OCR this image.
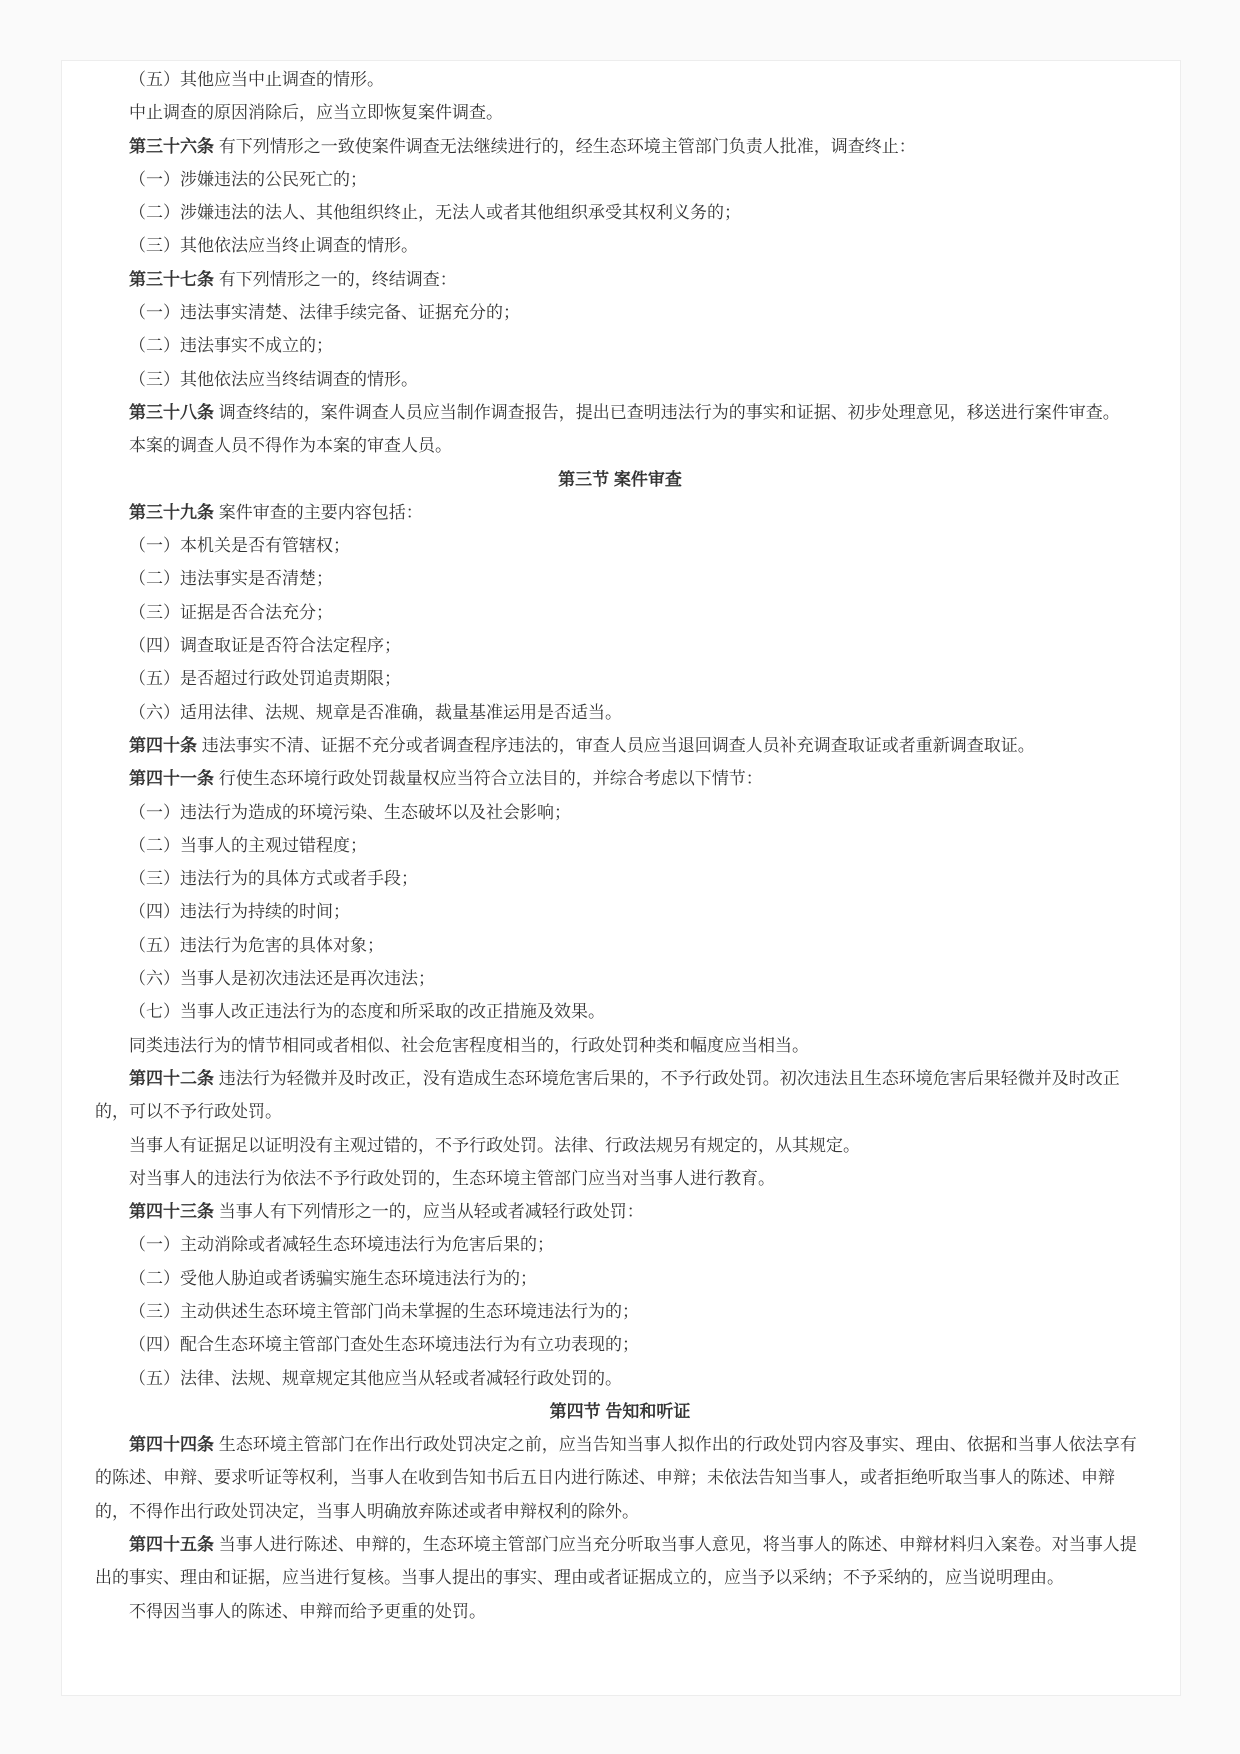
（五）其他应当中止调查的情形。

中止调查的原因消除后，应当立即恢复案件调查。

第三十六条 有下列情形之一致使案件调查无法继续进行的，经生态环境主管部门负责人批准，调查终止：

（一）涉嫌违法的公民死亡的；

（二）涉嫌违法的法人、其他组织终止，无法人或者其他组织承受其权利义务的；

（三）其他依法应当终止调查的情形。

第三十七条 有下列情形之一的，终结调查：

（一）违法事实清楚、法律手续完备、证据充分的；

（二）违法事实不成立的；

（三）其他依法应当终结调查的情形。

第三十八条 调查终结的，案件调查人员应当制作调查报告，提出已查明违法行为的事实和证据、初步处理意见，移送进行案件审查。

本案的调查人员不得作为本案的审查人员。

第三节 案件审查

第三十九条 案件审查的主要内容包括：

（一）本机关是否有管辖权；

（二）违法事实是否清楚；

（三）证据是否合法充分；

（四）调查取证是否符合法定程序；

（五）是否超过行政处罚追责期限；

（六）适用法律、法规、规章是否准确，裁量基准运用是否适当。

第四十条 违法事实不清、证据不充分或者调查程序违法的，审查人员应当退回调查人员补充调查取证或者重新调查取证。

第四十一条 行使生态环境行政处罚裁量权应当符合立法目的，并综合考虑以下情节：

（一）违法行为造成的环境污染、生态破坏以及社会影响；

（二）当事人的主观过错程度；

（三）违法行为的具体方式或者手段；

（四）违法行为持续的时间；

（五）违法行为危害的具体对象；

（六）当事人是初次违法还是再次违法；

（七）当事人改正违法行为的态度和所采取的改正措施及效果。

同类违法行为的情节相同或者相似、社会危害程度相当的，行政处罚种类和幅度应当相当。

第四十二条 违法行为轻微并及时改正，没有造成生态环境危害后果的，不予行政处罚。初次违法且生态环境危害后果轻微并及时改正的，可以不予行政处罚。

当事人有证据足以证明没有主观过错的，不予行政处罚。法律、行政法规另有规定的，从其规定。

对当事人的违法行为依法不予行政处罚的，生态环境主管部门应当对当事人进行教育。

第四十三条 当事人有下列情形之一的，应当从轻或者减轻行政处罚：

（一）主动消除或者减轻生态环境违法行为危害后果的；

（二）受他人胁迫或者诱骗实施生态环境违法行为的；

（三）主动供述生态环境主管部门尚未掌握的生态环境违法行为的；

（四）配合生态环境主管部门查处生态环境违法行为有立功表现的；

（五）法律、法规、规章规定其他应当从轻或者减轻行政处罚的。

第四节 告知和听证

第四十四条 生态环境主管部门在作出行政处罚决定之前，应当告知当事人拟作出的行政处罚内容及事实、理由、依据和当事人依法享有的陈述、申辩、要求听证等权利，当事人在收到告知书后五日内进行陈述、申辩；未依法告知当事人，或者拒绝听取当事人的陈述、申辩的，不得作出行政处罚决定，当事人明确放弃陈述或者申辩权利的除外。

第四十五条 当事人进行陈述、申辩的，生态环境主管部门应当充分听取当事人意见，将当事人的陈述、申辩材料归入案卷。对当事人提出的事实、理由和证据，应当进行复核。当事人提出的事实、理由或者证据成立的，应当予以采纳；不予采纳的，应当说明理由。

不得因当事人的陈述、申辩而给予更重的处罚。
